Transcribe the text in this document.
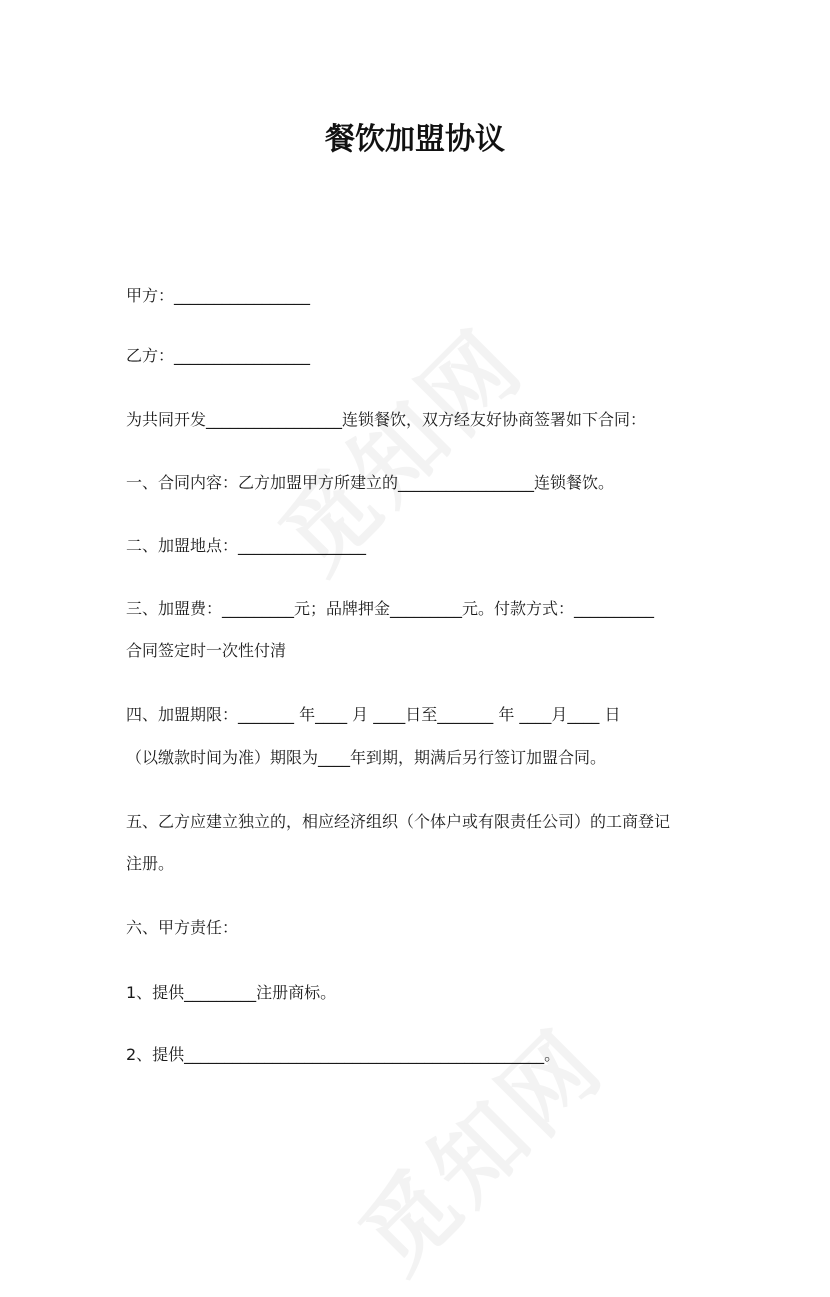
餐饮加盟协议
甲方：_________________
乙方：_________________
为共同开发_________________连锁餐饮，双方经友好协商签署如下合同：
一、合同内容：乙方加盟甲方所建立的_________________连锁餐饮。
二、加盟地点：________________
三、加盟费：_________元；品牌押金_________元。付款方式：__________
合同签定时一次性付清
四、加盟期限：_______ 年____ 月 ____日至_______ 年 ____月____ 日
（以缴款时间为准）期限为____年到期，期满后另行签订加盟合同。
五、乙方应建立独立的，相应经济组织（个体户或有限责任公司）的工商登记
注册。
六、甲方责任：
1、提供_________注册商标。
2、提供_____________________________________________。
